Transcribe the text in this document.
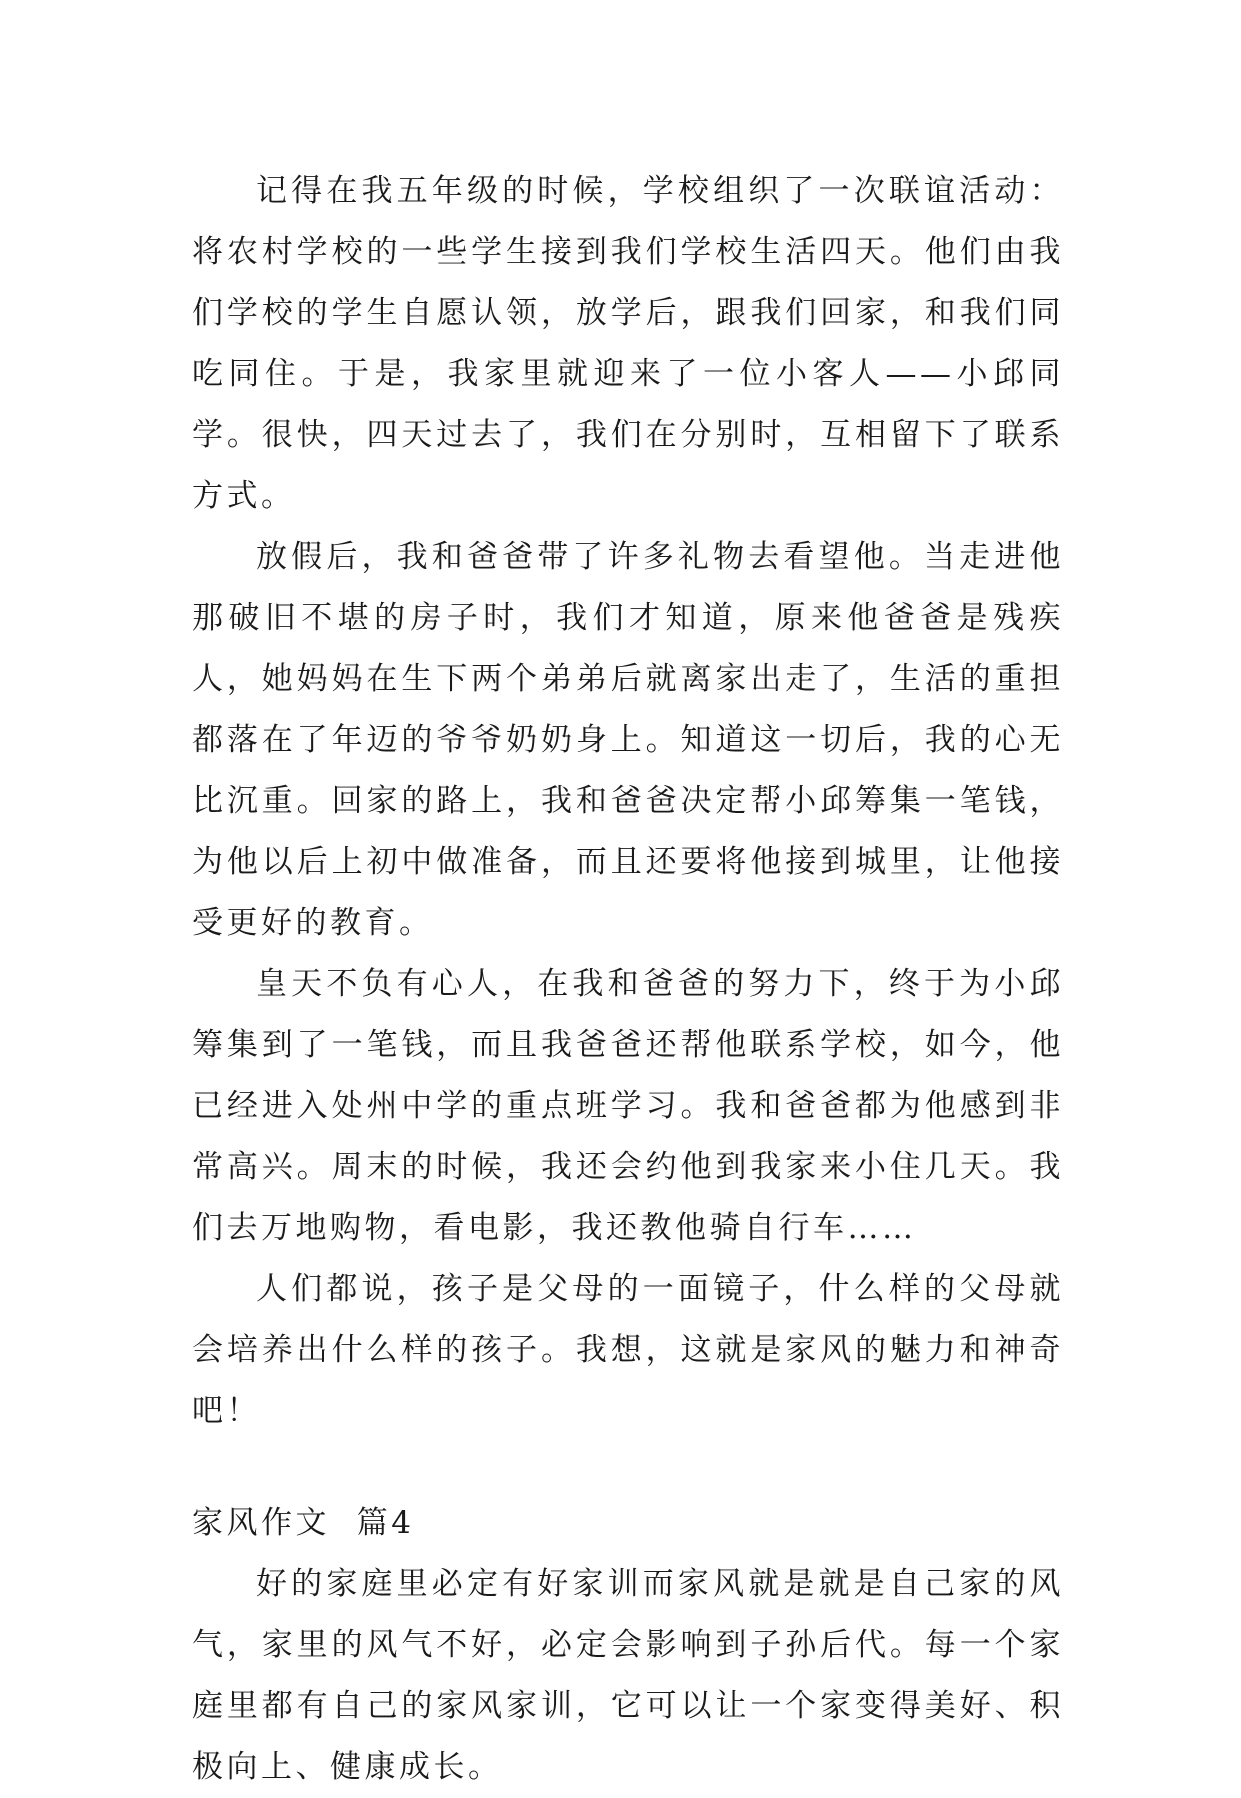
记得在我五年级的时候，学校组织了一次联谊活动：将农村学校的一些学生接到我们学校生活四天。他们由我们学校的学生自愿认领，放学后，跟我们回家，和我们同吃同住。于是，我家里就迎来了一位小客人——小邱同学。很快，四天过去了，我们在分别时，互相留下了联系方式。

放假后，我和爸爸带了许多礼物去看望他。当走进他那破旧不堪的房子时，我们才知道，原来他爸爸是残疾人，她妈妈在生下两个弟弟后就离家出走了，生活的重担都落在了年迈的爷爷奶奶身上。知道这一切后，我的心无比沉重。回家的路上，我和爸爸决定帮小邱筹集一笔钱，为他以后上初中做准备，而且还要将他接到城里，让他接受更好的教育。

皇天不负有心人，在我和爸爸的努力下，终于为小邱筹集到了一笔钱，而且我爸爸还帮他联系学校，如今，他已经进入处州中学的重点班学习。我和爸爸都为他感到非常高兴。周末的时候，我还会约他到我家来小住几天。我们去万地购物，看电影，我还教他骑自行车……

人们都说，孩子是父母的一面镜子，什么样的父母就会培养出什么样的孩子。我想，这就是家风的魅力和神奇吧！

家风作文  篇4

好的家庭里必定有好家训而家风就是就是自己家的风气，家里的风气不好，必定会影响到子孙后代。每一个家庭里都有自己的家风家训，它可以让一个家变得美好、积极向上、健康成长。
